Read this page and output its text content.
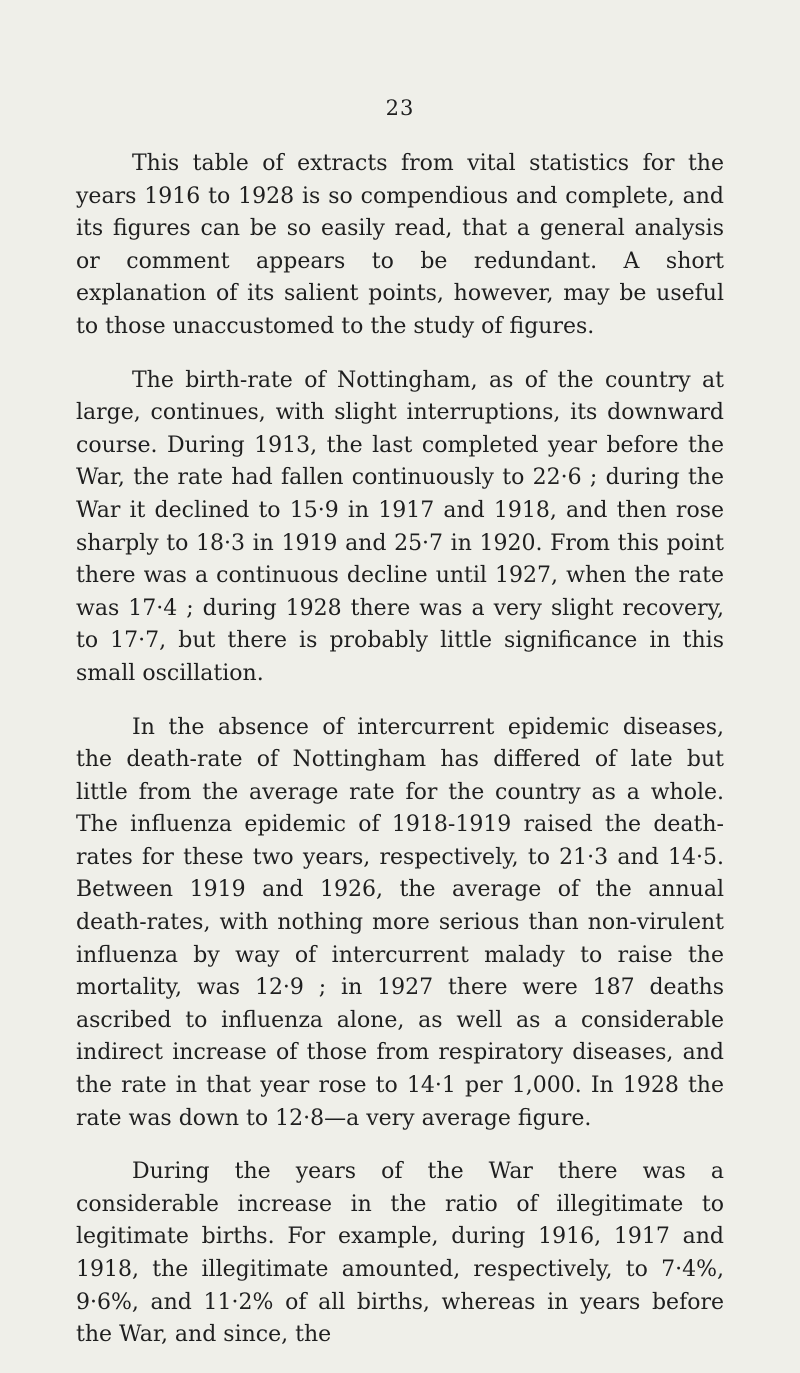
23

This table of extracts from vital statistics for the years 1916 to 1928 is so compendious and complete, and its figures can be so easily read, that a general analysis or comment appears to be redundant. A short explanation of its salient points, however, may be useful to those unaccustomed to the study of figures.

The birth-rate of Nottingham, as of the country at large, continues, with slight interruptions, its downward course. During 1913, the last completed year before the War, the rate had fallen continuously to 22·6 ; during the War it declined to 15·9 in 1917 and 1918, and then rose sharply to 18·3 in 1919 and 25·7 in 1920. From this point there was a continuous decline until 1927, when the rate was 17·4 ; during 1928 there was a very slight recovery, to 17·7, but there is probably little significance in this small oscillation.

In the absence of intercurrent epidemic diseases, the death-rate of Nottingham has differed of late but little from the average rate for the country as a whole. The influenza epidemic of 1918-1919 raised the death-rates for these two years, respectively, to 21·3 and 14·5. Between 1919 and 1926, the average of the annual death-rates, with nothing more serious than non-virulent influenza by way of intercurrent malady to raise the mortality, was 12·9 ; in 1927 there were 187 deaths ascribed to influenza alone, as well as a considerable indirect increase of those from respiratory diseases, and the rate in that year rose to 14·1 per 1,000. In 1928 the rate was down to 12·8—a very average figure.

During the years of the War there was a considerable increase in the ratio of illegitimate to legitimate births. For example, during 1916, 1917 and 1918, the illegitimate amounted, respectively, to 7·4%, 9·6%, and 11·2% of all births, whereas in years before the War, and since, the
